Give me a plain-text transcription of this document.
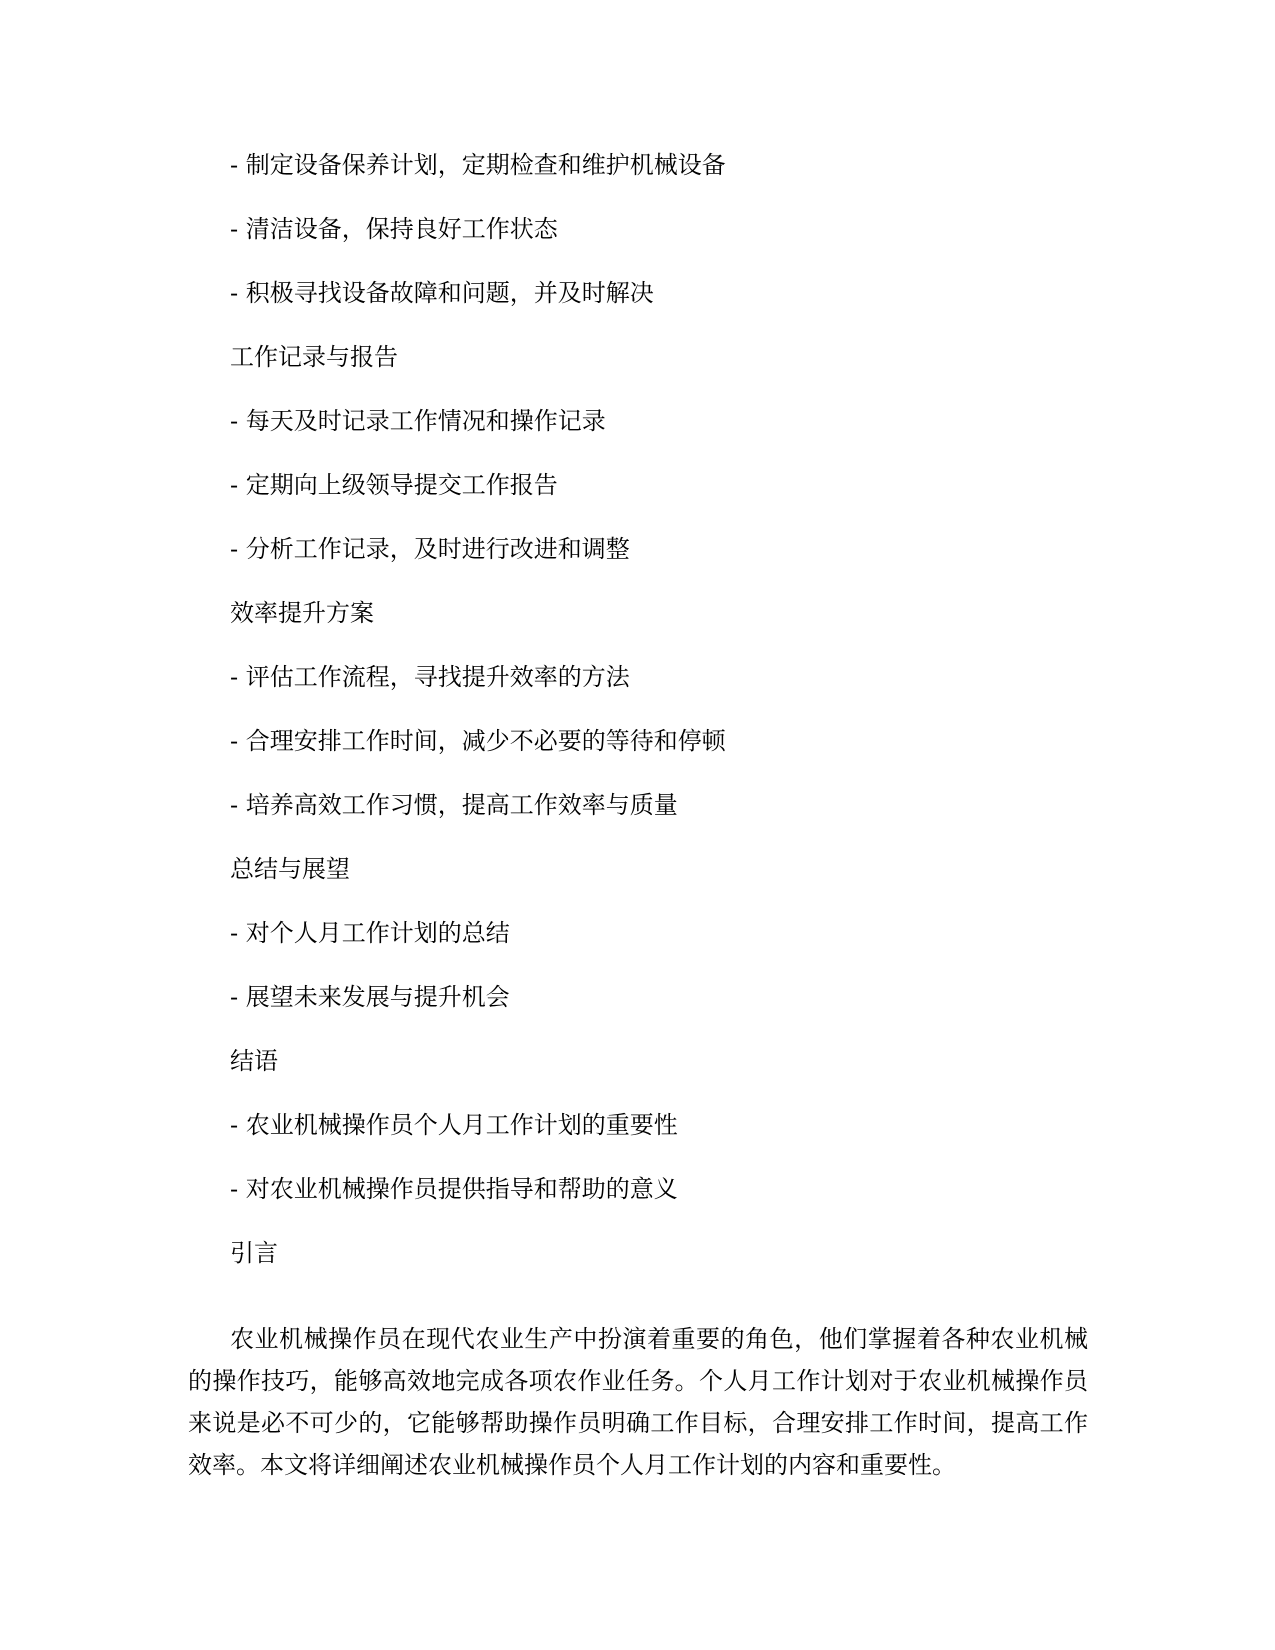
- 制定设备保养计划，定期检查和维护机械设备

- 清洁设备，保持良好工作状态

- 积极寻找设备故障和问题，并及时解决

工作记录与报告

- 每天及时记录工作情况和操作记录

- 定期向上级领导提交工作报告

- 分析工作记录，及时进行改进和调整

效率提升方案

- 评估工作流程，寻找提升效率的方法

- 合理安排工作时间，减少不必要的等待和停顿

- 培养高效工作习惯，提高工作效率与质量

总结与展望

- 对个人月工作计划的总结

- 展望未来发展与提升机会

结语

- 农业机械操作员个人月工作计划的重要性

- 对农业机械操作员提供指导和帮助的意义

引言

农业机械操作员在现代农业生产中扮演着重要的角色，他们掌握着各种农业机械的操作技巧，能够高效地完成各项农作业任务。个人月工作计划对于农业机械操作员来说是必不可少的，它能够帮助操作员明确工作目标，合理安排工作时间，提高工作效率。本文将详细阐述农业机械操作员个人月工作计划的内容和重要性。
